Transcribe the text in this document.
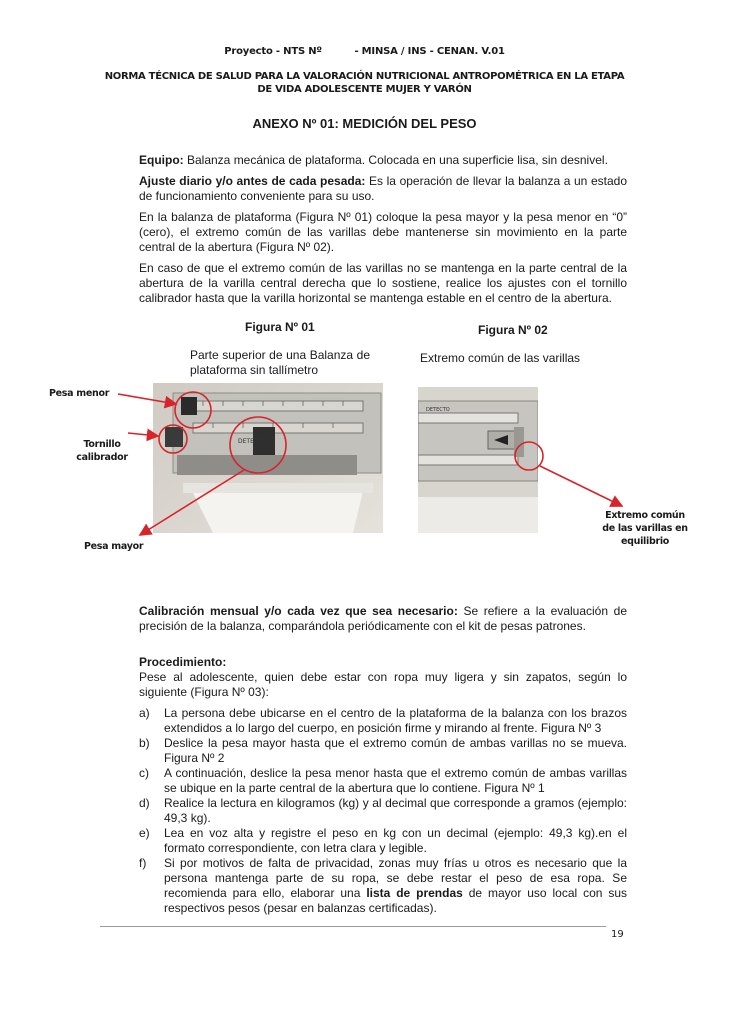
Proyecto - NTS Nº	- MINSA / INS - CENAN. V.01
NORMA TÉCNICA DE SALUD PARA LA VALORACIÓN NUTRICIONAL ANTROPOMÉTRICA EN LA ETAPA DE VIDA ADOLESCENTE MUJER Y VARÓN
ANEXO Nº 01: MEDICIÓN DEL PESO

Equipo: Balanza mecánica de plataforma. Colocada en una superficie lisa, sin desnivel.

Ajuste diario y/o antes de cada pesada: Es la operación de llevar la balanza a un estado de funcionamiento conveniente para su uso.

En la balanza de plataforma (Figura Nº 01) coloque la pesa mayor y la pesa menor en “0” (cero), el extremo común de las varillas debe mantenerse sin movimiento en la parte central de la abertura (Figura Nº 02).

En caso de que el extremo común de las varillas no se mantenga en la parte central de la abertura de la varilla central derecha que lo sostiene, realice los ajustes con el tornillo calibrador hasta que la varilla horizontal se mantenga estable en el centro de la abertura.

Figura Nº 01	Figura Nº 02
Parte superior de una Balanza de plataforma sin tallímetro
Extremo común de las varillas
DETECTO
DETECTO
Pesa menor
Tornillo calibrador
Pesa mayor
Extremo común de las varillas en equilibrio

Calibración mensual y/o cada vez que sea necesario: Se refiere a la evaluación de precisión de la balanza, comparándola periódicamente con el kit de pesas patrones.

Procedimiento:

Pese al adolescente, quien debe estar con ropa muy ligera y sin zapatos, según lo siguiente (Figura Nº 03):

a) La persona debe ubicarse en el centro de la plataforma de la balanza con los brazos extendidos a lo largo del cuerpo, en posición firme y mirando al frente. Figura Nº 3
b) Deslice la pesa mayor hasta que el extremo común de ambas varillas no se mueva. Figura Nº 2
c) A continuación, deslice la pesa menor hasta que el extremo común de ambas varillas se ubique en la parte central de la abertura que lo contiene. Figura Nº 1
d) Realice la lectura en kilogramos (kg) y al decimal que corresponde a gramos (ejemplo: 49,3 kg).
e) Lea en voz alta y registre el peso en kg con un decimal (ejemplo: 49,3 kg).en el formato correspondiente, con letra clara y legible.
f) Si por motivos de falta de privacidad, zonas muy frías u otros es necesario que la persona mantenga parte de su ropa, se debe restar el peso de esa ropa. Se recomienda para ello, elaborar una lista de prendas de mayor uso local con sus respectivos pesos (pesar en balanzas certificadas).
19
